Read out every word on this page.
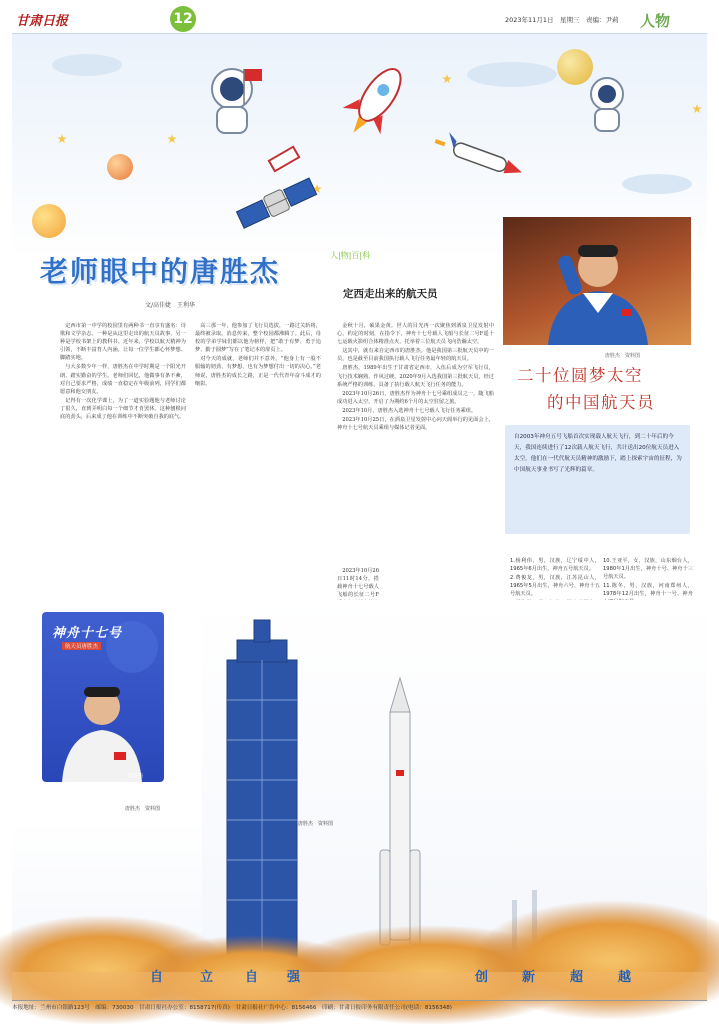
甘肃日报	12	2023年11月1日　星期三　责编：尹莉 人物
老师眼中的唐胜杰
文/高佳婕　王利华

定西市第一中学的校园里有两种书一直享有盛名：诗歌和文学杂志。一种是从这里走出的航天员故事，另一种是学校书架上的教科书。近年来，学校以航天精神为引领，不断丰富育人内涵，让每一位学生都心怀梦想、脚踏实地。

与大多数少年一样，唐胜杰在中学时期是一个阳光开朗、踏实勤奋的学生。老师们回忆，他做事有条不紊，对自己要求严格，成绩一直稳定在年级前列，同学们都愿意和他交朋友。

记得有一次化学课上，为了一道实验题他与老师讨论了很久，直到弄明白每一个细节才肯罢休。这种刨根问底的劲头，后来成了他在训练中不断突破自我的底气。

高三那一年，他参加了飞行员选拔，一路过关斩将，最终被录取。消息传来，整个校园都沸腾了。此后，母校的学弟学妹们都以他为榜样，把“敢于有梦、勇于追梦、勤于圆梦”写在了笔记本的扉页上。

对今天的成就，老师们并不意外。“他身上有一股不服输的韧劲，有梦想，也有为梦想付出一切的决心。”老师说，唐胜杰的成长之路，正是一代代青年奋斗成才的缩影。

人|物|百|科
定西走出来的航天员

金秋十月，硕果金黄。世人的目光再一次聚焦到酒泉卫星发射中心。约定的时刻，在指令下，神舟十七号载人飞船与长征二号F遥十七运载火箭组合体精准点火，托举着三位航天员飞向浩瀚太空。

这其中，就有来自定西市的唐胜杰。他是我国第三批航天员中的一员，也是截至目前我国执行载人飞行任务最年轻的航天员。

唐胜杰，1989年出生于甘肃省定西市，入伍后成为空军飞行员，飞行技术娴熟，作风过硬。2020年9月入选我国第三批航天员，经过系统严格的训练，具备了执行载人航天飞行任务的能力。

2023年10月26日，唐胜杰作为神舟十七号乘组成员之一，随飞船成功进入太空，开启了为期约6个月的太空驻留之旅。

2023年10月，唐胜杰入选神舟十七号载人飞行任务乘组。

2023年10月25日，在酒泉卫星发射中心问天阁举行的见面会上，神舟十七号航天员乘组与媒体记者见面。

2023年10月26日11时14分，搭载神舟十七号载人飞船的长征二号F

唐胜杰　资料图
二十位圆梦太空
的中国航天员
自2003年神舟五号飞船首次实现载人航天飞行，到二十年后的今天，我国连续进行了12次载人航天飞行，共计送出20位航天员进入太空。他们在一代代航天员精神的激励下，踏上探索宇宙的征程，为中国航天事业书写了光辉的篇章。

1.杨利伟，男，汉族，辽宁绥中人，1965年6月出生，神舟五号航天员。

2.费俊龙，男，汉族，江苏昆山人，1965年5月出生，神舟六号、神舟十五号航天员。

10.王亚平，女，汉族，山东烟台人，1980年1月出生，神舟十号、神舟十三号航天员。

11.陈冬，男，汉族，河南郑州人，1978年12月出生，神舟十一号、神舟

唐胜杰　资料图
神舟十七号
航天员唐胜杰
唐胜杰
唐胜杰　资料图
自	立 自 强	创	新	超	越
本报地址：兰州市白银路123号　邮编：730030　甘肃日报社办公室：8158717(传真)　甘肃日报社广告中心：8156466　印刷：甘肃日报印务有限责任公司(电话：8156348)
